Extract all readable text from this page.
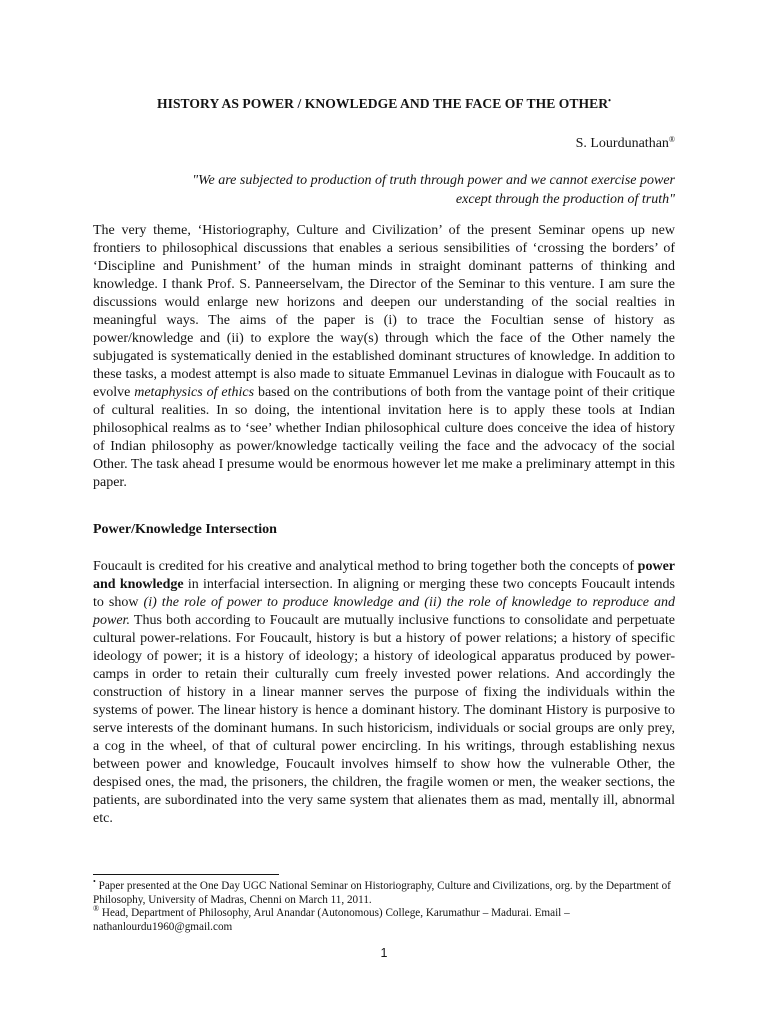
HISTORY AS POWER / KNOWLEDGE AND THE FACE OF THE OTHER•

S. Lourdunathan®

"We are subjected to production of truth through power and we cannot exercise power
except through the production of truth"

The very theme, ‘Historiography, Culture and Civilization’ of the present Seminar opens up new frontiers to philosophical discussions that enables a serious sensibilities of ‘crossing the borders’ of ‘Discipline and Punishment’ of the human minds in straight dominant patterns of thinking and knowledge. I thank Prof. S. Panneerselvam, the Director of the Seminar to this venture. I am sure the discussions would enlarge new horizons and deepen our understanding of the social realties in meaningful ways. The aims of the paper is (i) to trace the Focultian sense of history as power/knowledge and (ii) to explore the way(s) through which the face of the Other namely the subjugated is systematically denied in the established dominant structures of knowledge. In addition to these tasks, a modest attempt is also made to situate Emmanuel Levinas in dialogue with Foucault as to evolve metaphysics of ethics based on the contributions of both from the vantage point of their critique of cultural realities. In so doing, the intentional invitation here is to apply these tools at Indian philosophical realms as to ‘see’ whether Indian philosophical culture does conceive the idea of history of Indian philosophy as power/knowledge tactically veiling the face and the advocacy of the social Other. The task ahead I presume would be enormous however let me make a preliminary attempt in this paper.

Power/Knowledge Intersection

Foucault is credited for his creative and analytical method to bring together both the concepts of power and knowledge in interfacial intersection. In aligning or merging these two concepts Foucault intends to show (i) the role of power to produce knowledge and (ii) the role of knowledge to reproduce and power. Thus both according to Foucault are mutually inclusive functions to consolidate and perpetuate cultural power-relations. For Foucault, history is but a history of power relations; a history of specific ideology of power; it is a history of ideology; a history of ideological apparatus produced by power-camps in order to retain their culturally cum freely invested power relations. And accordingly the construction of history in a linear manner serves the purpose of fixing the individuals within the systems of power. The linear history is hence a dominant history. The dominant History is purposive to serve interests of the dominant humans. In such historicism, individuals or social groups are only prey, a cog in the wheel, of that of cultural power encircling. In his writings, through establishing nexus between power and knowledge, Foucault involves himself to show how the vulnerable Other, the despised ones, the mad, the prisoners, the children, the fragile women or men, the weaker sections, the patients, are subordinated into the very same system that alienates them as mad, mentally ill, abnormal etc.

• Paper presented at the One Day UGC National Seminar on Historiography, Culture and Civilizations, org. by the Department of Philosophy, University of Madras, Chenni on March 11, 2011.

® Head, Department of Philosophy, Arul Anandar (Autonomous) College, Karumathur – Madurai. Email – nathanlourdu1960@gmail.com

1
